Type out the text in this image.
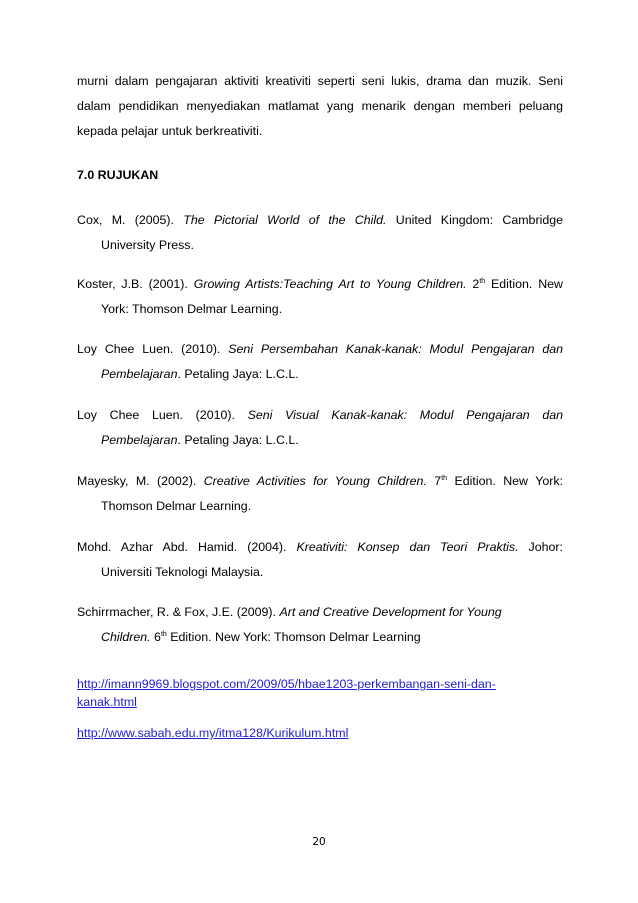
murni dalam pengajaran aktiviti kreativiti seperti seni lukis, drama dan muzik. Seni
dalam pendidikan menyediakan matlamat yang menarik dengan memberi peluang
kepada pelajar untuk berkreativiti.
7.0 RUJUKAN
Cox, M. (2005). The Pictorial World of the Child. United Kingdom: Cambridge
University Press.
Koster, J.B. (2001). Growing Artists:Teaching Art to Young Children. 2th Edition. New
York: Thomson Delmar Learning.
Loy Chee Luen. (2010). Seni Persembahan Kanak-kanak: Modul Pengajaran dan
Pembelajaran. Petaling Jaya: L.C.L.
Loy Chee Luen. (2010). Seni Visual Kanak-kanak: Modul Pengajaran dan
Pembelajaran. Petaling Jaya: L.C.L.
Mayesky, M. (2002). Creative Activities for Young Children. 7th Edition. New York:
Thomson Delmar Learning.
Mohd. Azhar Abd. Hamid. (2004). Kreativiti: Konsep dan Teori Praktis. Johor:
Universiti Teknologi Malaysia.
Schirrmacher, R. & Fox, J.E. (2009). Art and Creative Development for Young
Children. 6th Edition. New York: Thomson Delmar Learning
http://imann9969.blogspot.com/2009/05/hbae1203-perkembangan-seni-dan-
kanak.html
http://www.sabah.edu.my/itma128/Kurikulum.html
20
